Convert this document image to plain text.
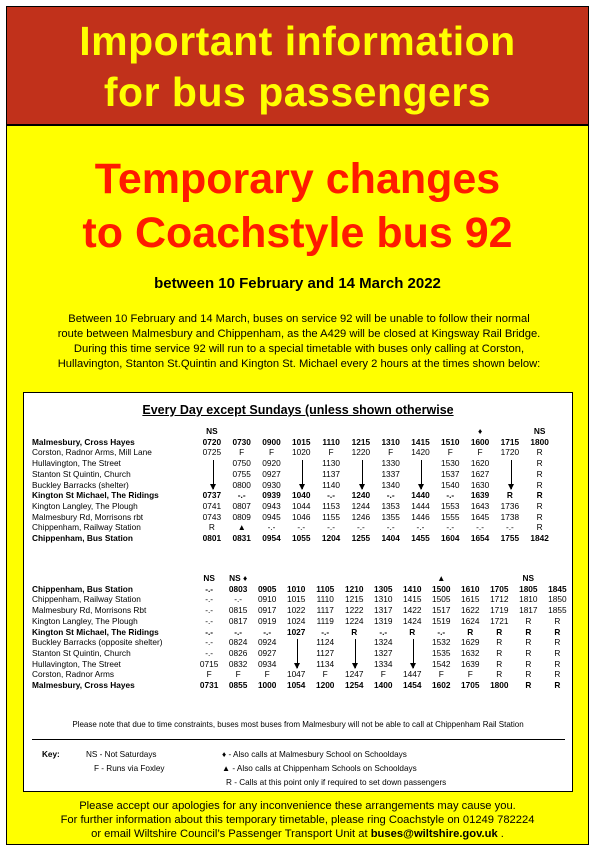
Important information
for bus passengers
Temporary changes
to Coachstyle bus 92
between 10 February and 14 March 2022
Between 10 February and 14 March, buses on service 92 will be unable to follow their normal
route between Malmesbury and Chippenham, as the A429 will be closed at Kingsway Rail Bridge.
During this time service 92 will run to a special timetable with buses only calling at Corston,
Hullavington, Stanton St.Quintin and Kington St. Michael every 2 hours at the times shown below:
Every Day except Sundays (unless shown otherwise
	NS									♦		NS
Malmesbury, Cross Hayes	0720	0730	0900	1015	1110	1215	1310	1415	1510	1600	1715	1800
Corston, Radnor Arms, Mill Lane	0725	F	F	1020	F	1220	F	1420	F	F	1720	R
Hullavington, The Street		0750	0920		1130		1330		1530	1620		R
Stanton St Quintin, Church		0755	0927		1137		1337		1537	1627		R
Buckley Barracks (shelter)		0800	0930		1140		1340		1540	1630		R
Kington St Michael, The Ridings	0737	-.-	0939	1040	-.-	1240	-.-	1440	-.-	1639	R	R
Kington Langley, The Plough	0741	0807	0943	1044	1153	1244	1353	1444	1553	1643	1736	R
Malmesbury Rd, Morrisons rbt	0743	0809	0945	1046	1155	1246	1355	1446	1555	1645	1738	R
Chippenham, Railway Station	R	▲	-.-	-.-	-.-	-.-	-.-	-.-	-.-	-.-	-.-	R
Chippenham, Bus Station	0801	0831	0954	1055	1204	1255	1404	1455	1604	1654	1755	1842
	NS	NS ♦							▲			NS	
Chippenham, Bus Station	-.-	0803	0905	1010	1105	1210	1305	1410	1500	1610	1705	1805	1845
Chippenham, Railway Station	-.-	-.-	0910	1015	1110	1215	1310	1415	1505	1615	1712	1810	1850
Malmesbury Rd, Morrisons Rbt	-.-	0815	0917	1022	1117	1222	1317	1422	1517	1622	1719	1817	1855
Kington Langley, The Plough	-.-	0817	0919	1024	1119	1224	1319	1424	1519	1624	1721	R	R
Kington St Michael, The Ridings	-.-	-.-	-.-	1027	-.-	R	-.-	R	-.-	R	R	R	R
Buckley Barracks (opposite shelter)	-.-	0824	0924		1124		1324		1532	1629	R	R	R
Stanton St Quintin, Church	-.-	0826	0927		1127		1327		1535	1632	R	R	R
Hullavington, The Street	0715	0832	0934		1134		1334		1542	1639	R	R	R
Corston, Radnor Arms	F	F	F	1047	F	1247	F	1447	F	F	R	R	R
Malmesbury, Cross Hayes	0731	0855	1000	1054	1200	1254	1400	1454	1602	1705	1800	R	R
Please note that due to time constraints, buses most buses from Malmesbury will not be able to call at Chippenham Rail Station
Key:	NS - Not Saturdays
F - Runs via Foxley
♦ - Also calls at Malmesbury School on Schooldays
▲ - Also calls at Chippenham Schools on Schooldays
R - Calls at this point only if required to set down passengers
Please accept our apologies for any inconvenience these arrangements may cause you.
For further information about this temporary timetable, please ring Coachstyle on 01249 782224
or email Wiltshire Council’s Passenger Transport Unit at buses@wiltshire.gov.uk .
